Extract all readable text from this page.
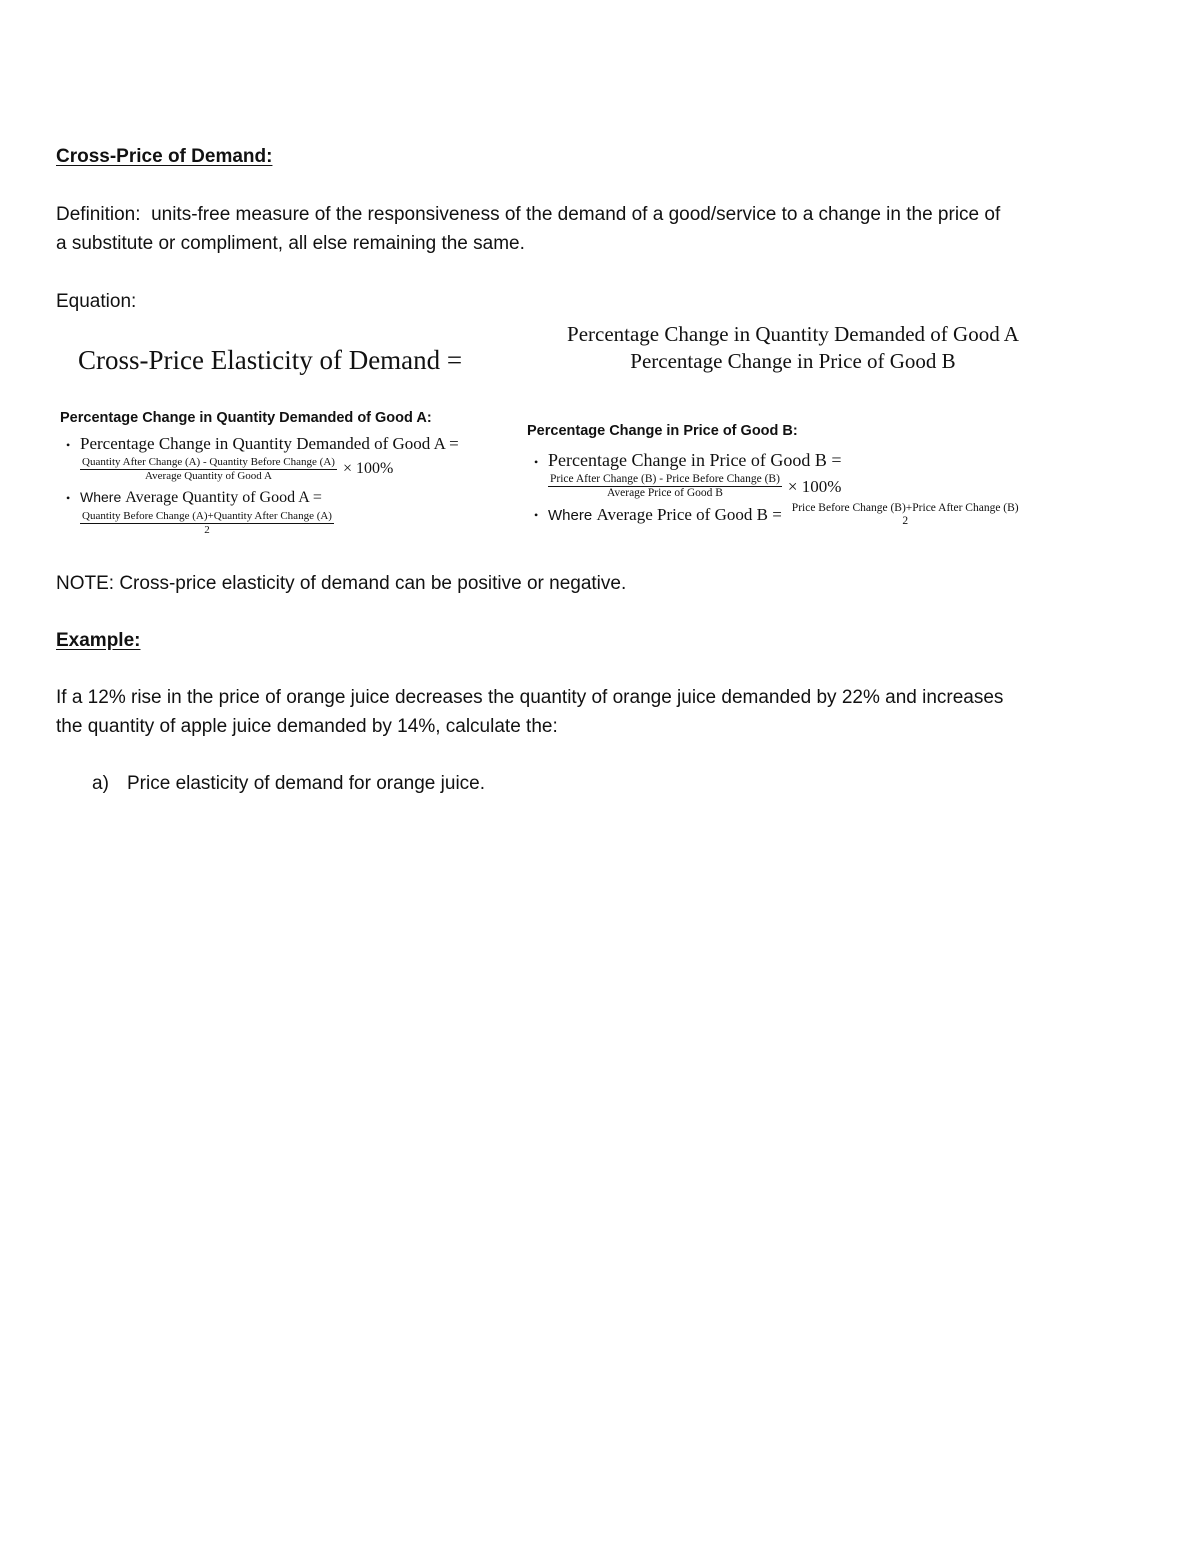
Cross-Price of Demand:
Definition: units-free measure of the responsiveness of the demand of a good/service to a change in the price of
a substitute or compliment, all else remaining the same.
Equation:
Cross-Price Elasticity of Demand =
Percentage Change in Quantity Demanded of Good A
Percentage Change in Price of Good B
Percentage Change in Quantity Demanded of Good A:
• Percentage Change in Quantity Demanded of Good A =
$\frac{\text{Quantity After Change (A) - Quantity Before Change (A)}}{\text{Average Quantity of Good A}} \times 100\%$
• Where Average Quantity of Good A =
$\frac{\text{Quantity Before Change (A)+Quantity After Change (A)}}{2}$
Percentage Change in Price of Good B:
• Percentage Change in Price of Good B =
$\frac{\text{Price After Change (B) - Price Before Change (B)}}{\text{Average Price of Good B}} \times 100\%$
• Where
Average Price of Good B = Price Before Change (B)+Price After Change (B)
2
NOTE: Cross-price elasticity of demand can be positive or negative.
Example:
If a 12% rise in the price of orange juice decreases the quantity of orange juice demanded by 22% and increases
the quantity of apple juice demanded by 14%, calculate the:
a) Price elasticity of demand for orange juice.
